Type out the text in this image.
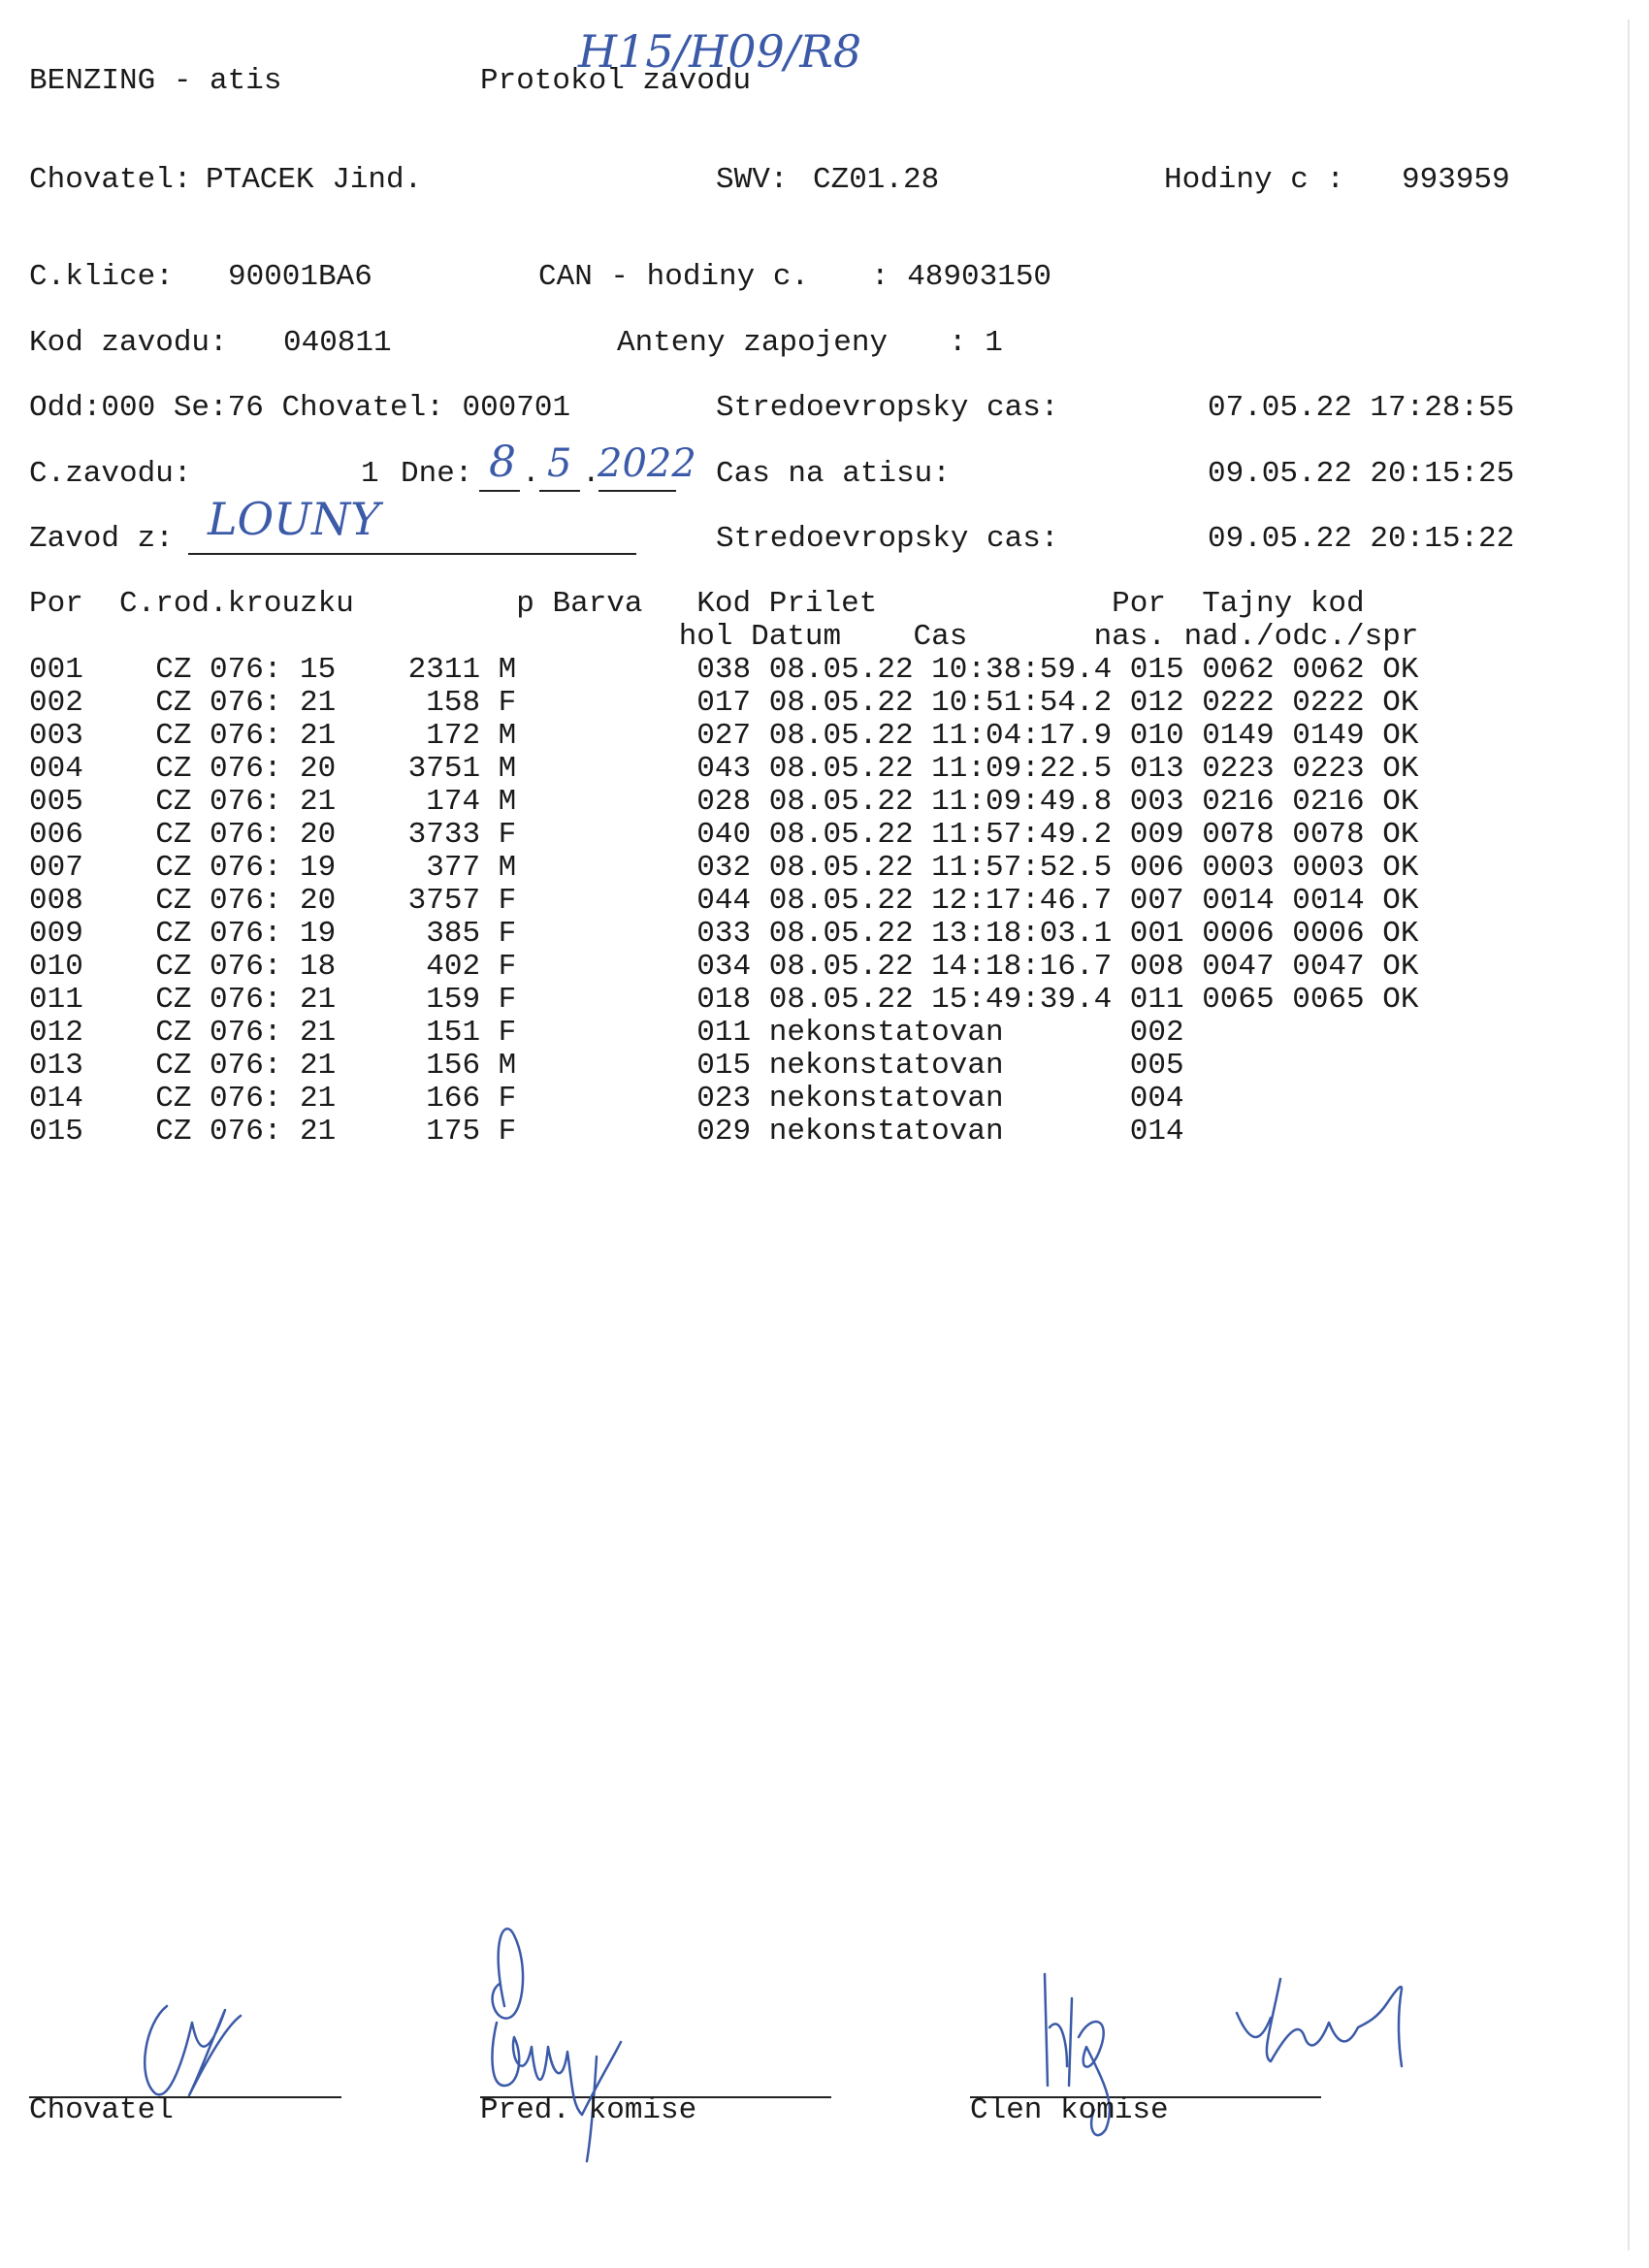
BENZING - atis	Protokol zavodu
H15/H09/R8
Chovatel: PTACEK Jind.	SWV: CZ01.28	Hodiny c : 993959
C.klice: 90001BA6	CAN - hodiny c. : 48903150
Kod zavodu: 040811	Anteny zapojeny : 1
Odd:000 Se:76 Chovatel: 000701	Stredoevropsky cas:	07.05.22 17:28:55
C.zavodu:	1 Dne: . .
8 5 2022 Cas na atisu:	09.05.22 20:15:25
Zavod z: LOUNY	Stredoevropsky cas:	09.05.22 20:15:22
Por  C.rod.krouzku         p Barva   Kod Prilet             Por  Tajny kod
hol Datum    Cas       nas. nad./odc./spr
001    CZ 076: 15    2311 M          038 08.05.22 10:38:59.4 015 0062 0062 OK
002    CZ 076: 21     158 F          017 08.05.22 10:51:54.2 012 0222 0222 OK
003    CZ 076: 21     172 M          027 08.05.22 11:04:17.9 010 0149 0149 OK
004    CZ 076: 20    3751 M          043 08.05.22 11:09:22.5 013 0223 0223 OK
005    CZ 076: 21     174 M          028 08.05.22 11:09:49.8 003 0216 0216 OK
006    CZ 076: 20    3733 F          040 08.05.22 11:57:49.2 009 0078 0078 OK
007    CZ 076: 19     377 M          032 08.05.22 11:57:52.5 006 0003 0003 OK
008    CZ 076: 20    3757 F          044 08.05.22 12:17:46.7 007 0014 0014 OK
009    CZ 076: 19     385 F          033 08.05.22 13:18:03.1 001 0006 0006 OK
010    CZ 076: 18     402 F          034 08.05.22 14:18:16.7 008 0047 0047 OK
011    CZ 076: 21     159 F          018 08.05.22 15:49:39.4 011 0065 0065 OK
012    CZ 076: 21     151 F          011 nekonstatovan       002
013    CZ 076: 21     156 M          015 nekonstatovan       005
014    CZ 076: 21     166 F          023 nekonstatovan       004
015    CZ 076: 21     175 F          029 nekonstatovan       014
Chovatel	Pred. komise	Clen komise
